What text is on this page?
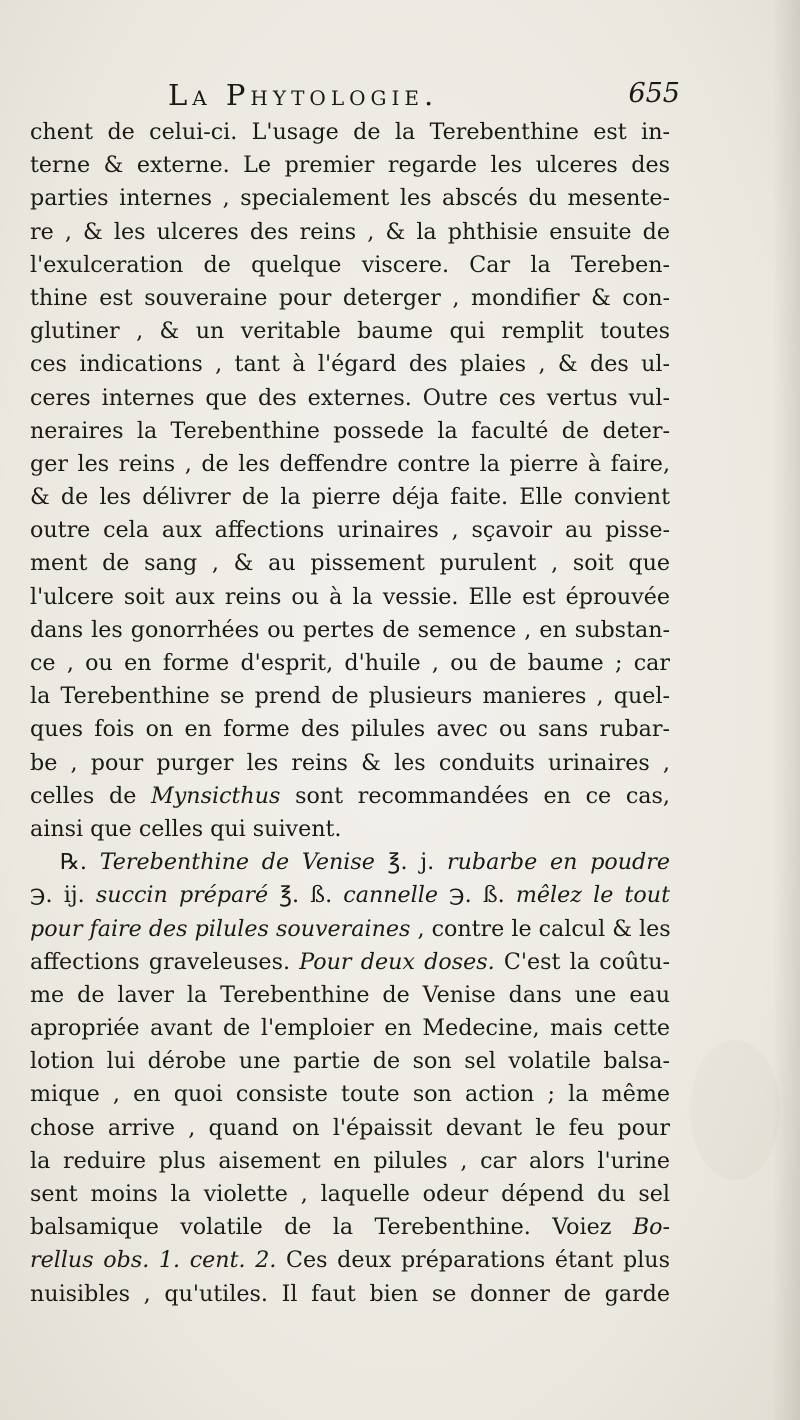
La Phytologie.	655
chent de celui-ci. L'usage de la Terebenthine est in-
terne & externe. Le premier regarde les ulceres des
parties internes , specialement les abscés du mesente-
re , & les ulceres des reins , & la phthisie ensuite de
l'exulceration de quelque viscere. Car la Tereben-
thine est souveraine pour deterger , mondifier & con-
glutiner , & un veritable baume qui remplit toutes
ces indications , tant à l'égard des plaies , & des ul-
ceres internes que des externes. Outre ces vertus vul-
neraires la Terebenthine possede la faculté de deter-
ger les reins , de les deffendre contre la pierre à faire,
& de les délivrer de la pierre déja faite. Elle convient
outre cela aux affections urinaires , sçavoir au pisse-
ment de sang , & au pissement purulent , soit que
l'ulcere soit aux reins ou à la vessie. Elle est éprouvée
dans les gonorrhées ou pertes de semence , en substan-
ce , ou en forme d'esprit, d'huile , ou de baume ; car
la Terebenthine se prend de plusieurs manieres , quel-
ques fois on en forme des pilules avec ou sans rubar-
be , pour purger les reins & les conduits urinaires ,
celles de Mynsicthus sont recommandées en ce cas,
ainsi que celles qui suivent.
℞. Terebenthine de Venise ℥. j. rubarbe en poudre
℈. ij. succin préparé ℥. ß. cannelle ℈. ß. mêlez le tout
pour faire des pilules souveraines , contre le calcul & les
affections graveleuses. Pour deux doses. C'est la coûtu-
me de laver la Terebenthine de Venise dans une eau
apropriée avant de l'emploier en Medecine, mais cette
lotion lui dérobe une partie de son sel volatile balsa-
mique , en quoi consiste toute son action ; la même
chose arrive , quand on l'épaissit devant le feu pour
la reduire plus aisement en pilules , car alors l'urine
sent moins la violette , laquelle odeur dépend du sel
balsamique volatile de la Terebenthine. Voiez Bo-
rellus obs. 1. cent. 2. Ces deux préparations étant plus
nuisibles , qu'utiles. Il faut bien se donner de garde
